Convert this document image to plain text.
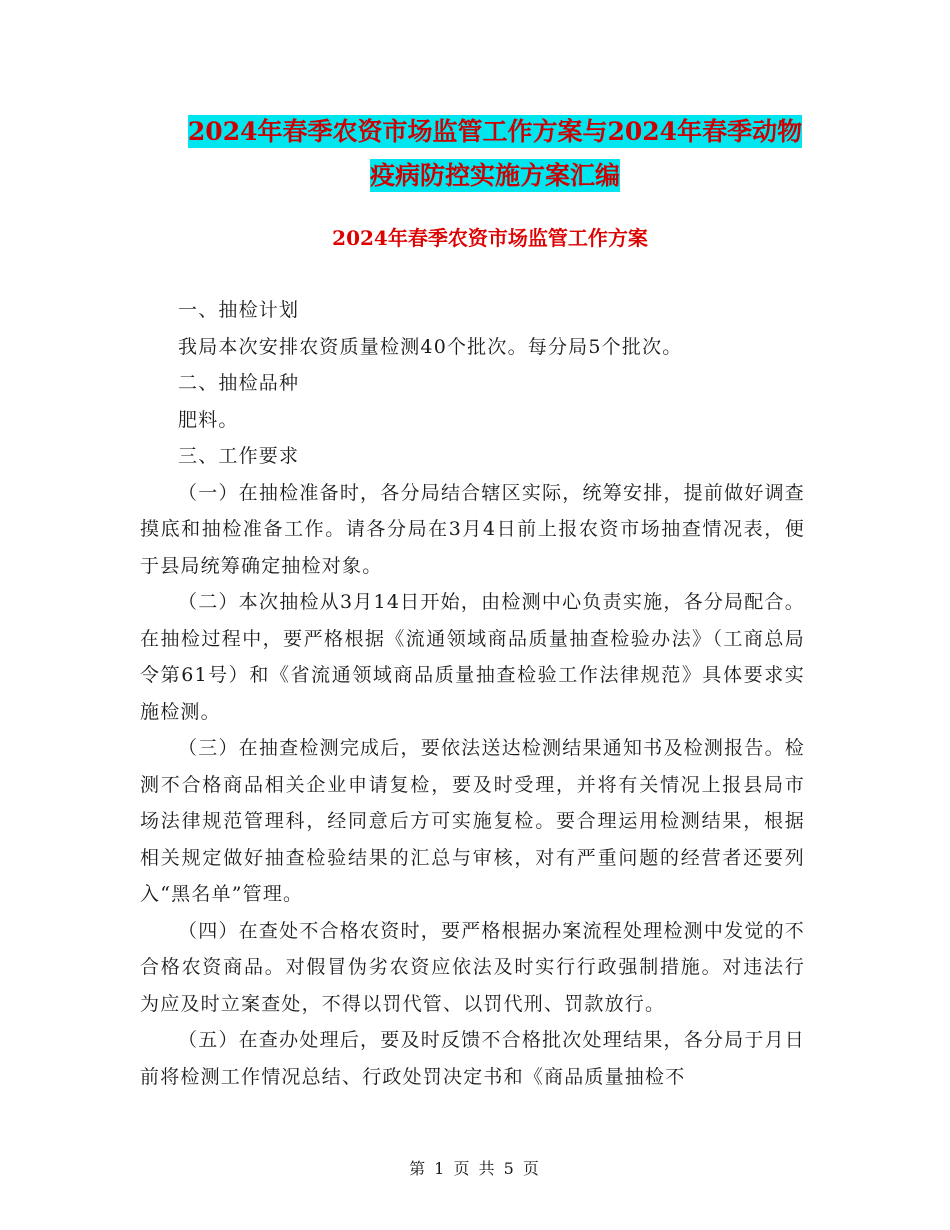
2024年春季农资市场监管工作方案与2024年春季动物
疫病防控实施方案汇编
2024年春季农资市场监管工作方案

一、抽检计划

我局本次安排农资质量检测40个批次。每分局5个批次。

二、抽检品种

肥料。

三、工作要求

（一）在抽检准备时，各分局结合辖区实际，统筹安排，提前做好调查摸底和抽检准备工作。请各分局在3月4日前上报农资市场抽查情况表，便于县局统筹确定抽检对象。

（二）本次抽检从3月14日开始，由检测中心负责实施，各分局配合。在抽检过程中，要严格根据《流通领域商品质量抽查检验办法》（工商总局令第61号）和《省流通领域商品质量抽查检验工作法律规范》具体要求实施检测。

（三）在抽查检测完成后，要依法送达检测结果通知书及检测报告。检测不合格商品相关企业申请复检，要及时受理，并将有关情况上报县局市场法律规范管理科，经同意后方可实施复检。要合理运用检测结果，根据相关规定做好抽查检验结果的汇总与审核，对有严重问题的经营者还要列入“黑名单”管理。

（四）在查处不合格农资时，要严格根据办案流程处理检测中发觉的不合格农资商品。对假冒伪劣农资应依法及时实行行政强制措施。对违法行为应及时立案查处，不得以罚代管、以罚代刑、罚款放行。

（五）在查办处理后，要及时反馈不合格批次处理结果，各分局于月日前将检测工作情况总结、行政处罚决定书和《商品质量抽检不

第 1 页 共 5 页
